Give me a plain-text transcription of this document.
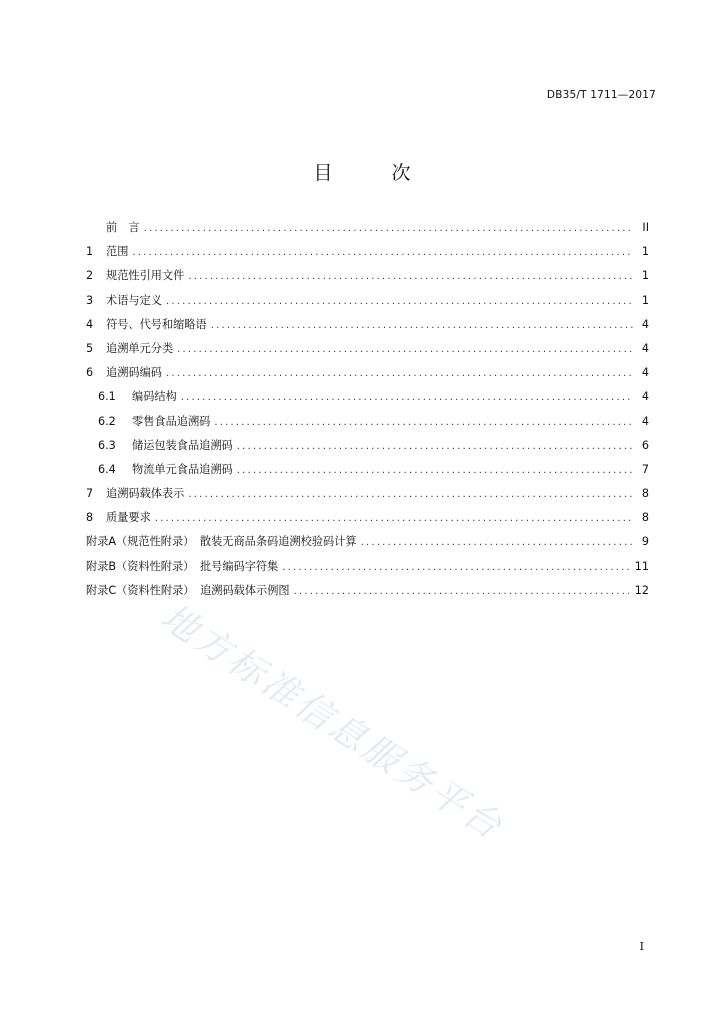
DB35/T 1711—2017
目　次
前　言 .....	II
1	范围 .....	1
2	规范性引用文件 .....	1
3	术语与定义 .....	1
4	符号、代号和缩略语 .....	4
5	追溯单元分类 .....	4
6	追溯码编码 .....	4
6.1	编码结构 .....	4
6.2	零售食品追溯码 .....	4
6.3	储运包装食品追溯码 .....	6
6.4	物流单元食品追溯码 .....	7
7	追溯码载体表示 .....	8
8	质量要求 .....	8
附录A（规范性附录）　散装无商品条码追溯校验码计算 .....	9
附录B（资料性附录）　批号编码字符集 .....	11
附录C（资料性附录）　追溯码载体示例图 .....	12
地方标准信息服务平台
I
